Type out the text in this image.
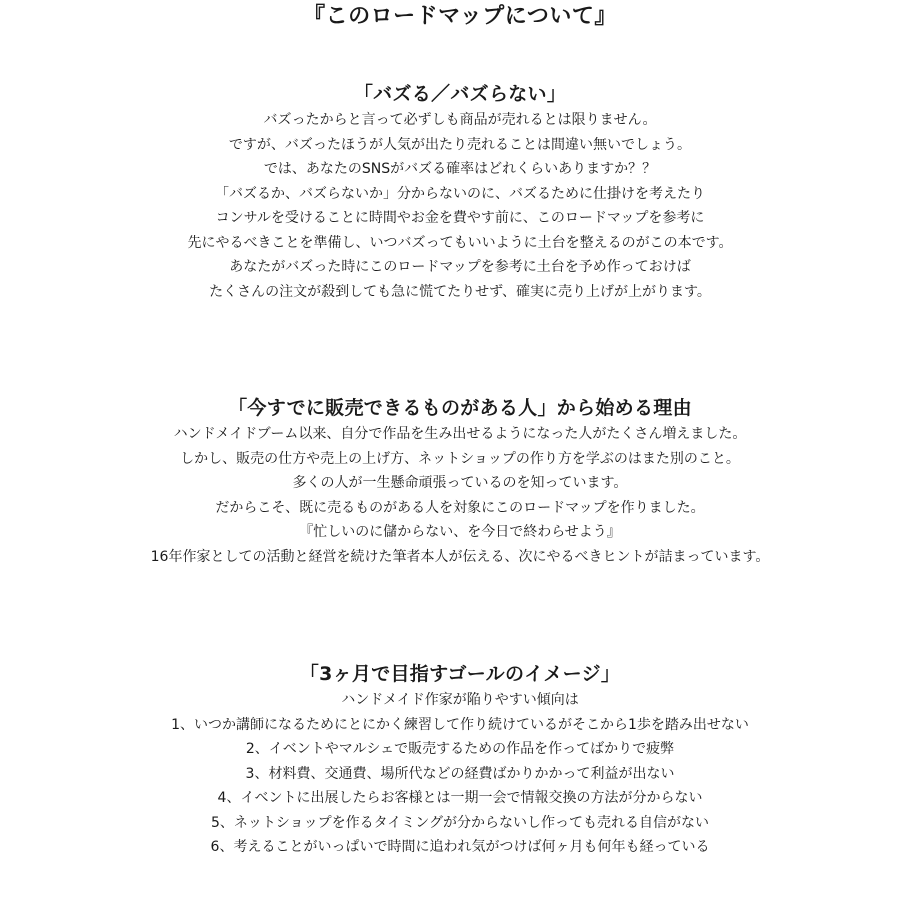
『このロードマップについて』
「バズる／バズらない」
バズったからと言って必ずしも商品が売れるとは限りません。
ですが、バズったほうが人気が出たり売れることは間違い無いでしょう。
では、あなたのSNSがバズる確率はどれくらいありますか？？
「バズるか、バズらないか」分からないのに、バズるために仕掛けを考えたり
コンサルを受けることに時間やお金を費やす前に、このロードマップを参考に
先にやるべきことを準備し、いつバズってもいいように土台を整えるのがこの本です。
あなたがバズった時にこのロードマップを参考に土台を予め作っておけば
たくさんの注文が殺到しても急に慌てたりせず、確実に売り上げが上がります。
「今すでに販売できるものがある人」から始める理由
ハンドメイドブーム以来、自分で作品を生み出せるようになった人がたくさん増えました。
しかし、販売の仕方や売上の上げ方、ネットショップの作り方を学ぶのはまた別のこと。
多くの人が一生懸命頑張っているのを知っています。
だからこそ、既に売るものがある人を対象にこのロードマップを作りました。
『忙しいのに儲からない、を今日で終わらせよう』
16年作家としての活動と経営を続けた筆者本人が伝える、次にやるべきヒントが詰まっています。
「3ヶ月で目指すゴールのイメージ」
ハンドメイド作家が陥りやすい傾向は
1、いつか講師になるためにとにかく練習して作り続けているがそこから1歩を踏み出せない
2、イベントやマルシェで販売するための作品を作ってばかりで疲弊
3、材料費、交通費、場所代などの経費ばかりかかって利益が出ない
4、イベントに出展したらお客様とは一期一会で情報交換の方法が分からない
5、ネットショップを作るタイミングが分からないし作っても売れる自信がない
6、考えることがいっぱいで時間に追われ気がつけば何ヶ月も何年も経っている
